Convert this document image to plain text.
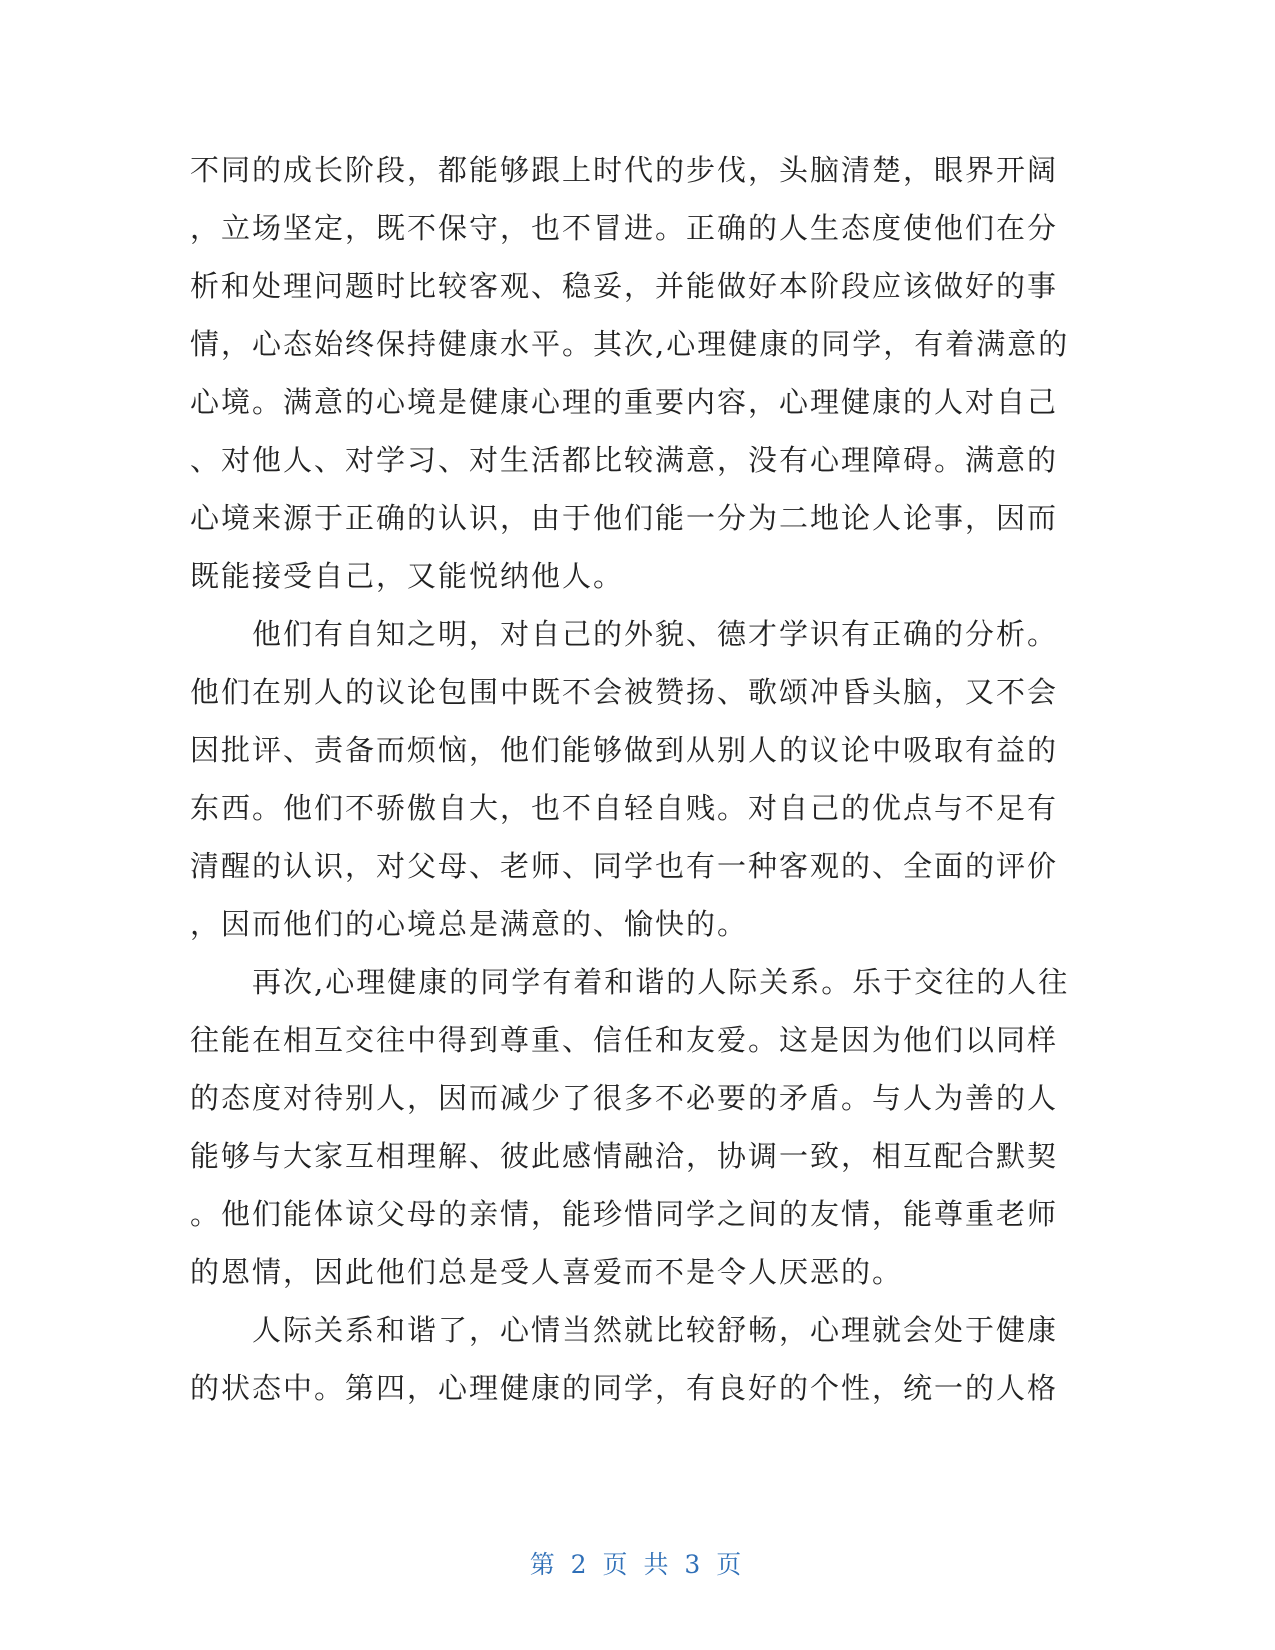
不同的成长阶段，都能够跟上时代的步伐，头脑清楚，眼界开阔
，立场坚定，既不保守，也不冒进。正确的人生态度使他们在分
析和处理问题时比较客观、稳妥，并能做好本阶段应该做好的事
情，心态始终保持健康水平。其次,心理健康的同学，有着满意的
心境。满意的心境是健康心理的重要内容，心理健康的人对自己
、对他人、对学习、对生活都比较满意，没有心理障碍。满意的
心境来源于正确的认识，由于他们能一分为二地论人论事，因而
既能接受自己，又能悦纳他人。
他们有自知之明，对自己的外貌、德才学识有正确的分析。
他们在别人的议论包围中既不会被赞扬、歌颂冲昏头脑，又不会
因批评、责备而烦恼，他们能够做到从别人的议论中吸取有益的
东西。他们不骄傲自大，也不自轻自贱。对自己的优点与不足有
清醒的认识，对父母、老师、同学也有一种客观的、全面的评价
，因而他们的心境总是满意的、愉快的。
再次,心理健康的同学有着和谐的人际关系。乐于交往的人往
往能在相互交往中得到尊重、信任和友爱。这是因为他们以同样
的态度对待别人，因而减少了很多不必要的矛盾。与人为善的人
能够与大家互相理解、彼此感情融洽，协调一致，相互配合默契
。他们能体谅父母的亲情，能珍惜同学之间的友情，能尊重老师
的恩情，因此他们总是受人喜爱而不是令人厌恶的。
人际关系和谐了，心情当然就比较舒畅，心理就会处于健康
的状态中。第四，心理健康的同学，有良好的个性，统一的人格
第 2 页 共 3 页
